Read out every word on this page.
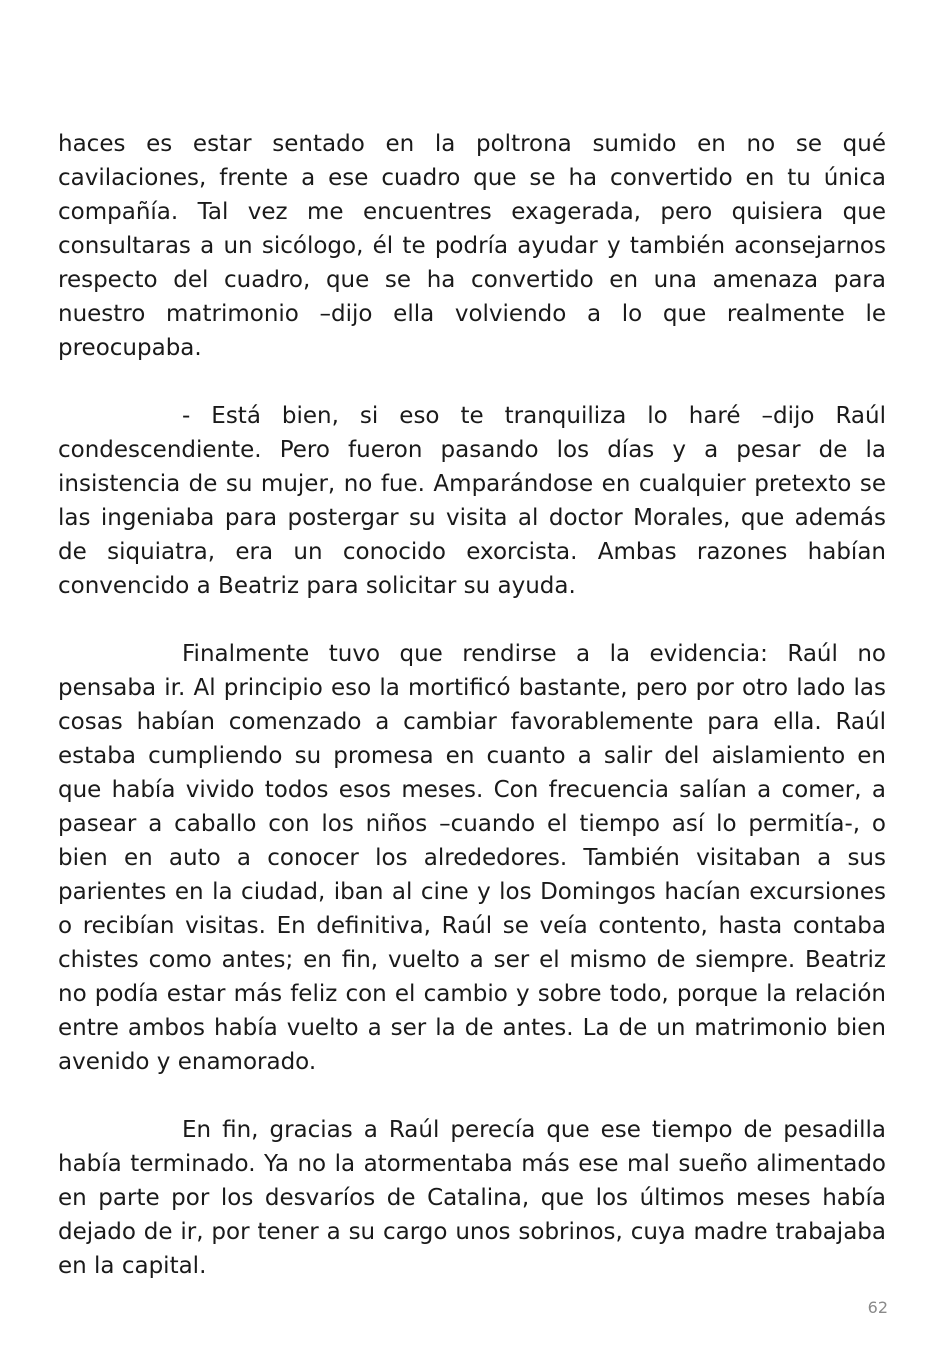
haces es estar sentado en la poltrona sumido en no se qué cavilaciones, frente a ese cuadro que se ha convertido en tu única compañía. Tal vez me encuentres exagerada, pero quisiera que consultaras a un sicólogo, él te podría ayudar y también aconsejarnos respecto del cuadro, que se ha convertido en una amenaza para nuestro matrimonio –dijo ella volviendo a lo que realmente le preocupaba.

- Está bien, si eso te tranquiliza lo haré –dijo Raúl condescendiente. Pero fueron pasando los días y a pesar de la insistencia de su mujer, no fue. Amparándose en cualquier pretexto se las ingeniaba para postergar su visita al doctor Morales, que además de siquiatra, era un conocido exorcista. Ambas razones habían convencido a Beatriz para solicitar su ayuda.

Finalmente tuvo que rendirse a la evidencia: Raúl no pensaba ir. Al principio eso la mortificó bastante, pero por otro lado las cosas habían comenzado a cambiar favorablemente para ella. Raúl estaba cumpliendo su promesa en cuanto a salir del aislamiento en que había vivido todos esos meses. Con frecuencia salían a comer, a pasear a caballo con los niños –cuando el tiempo así lo permitía-, o bien en auto a conocer los alrededores. También visitaban a sus parientes en la ciudad, iban al cine y los Domingos hacían excursiones o recibían visitas. En definitiva, Raúl se veía contento, hasta contaba chistes como antes; en fin, vuelto a ser el mismo de siempre. Beatriz no podía estar más feliz con el cambio y sobre todo, porque la relación entre ambos había vuelto a ser la de antes. La de un matrimonio bien avenido y enamorado.

En fin, gracias a Raúl perecía que ese tiempo de pesadilla había terminado. Ya no la atormentaba más ese mal sueño alimentado en parte por los desvaríos de Catalina, que los últimos meses había dejado de ir, por tener a su cargo unos sobrinos, cuya madre trabajaba en la capital.

62
